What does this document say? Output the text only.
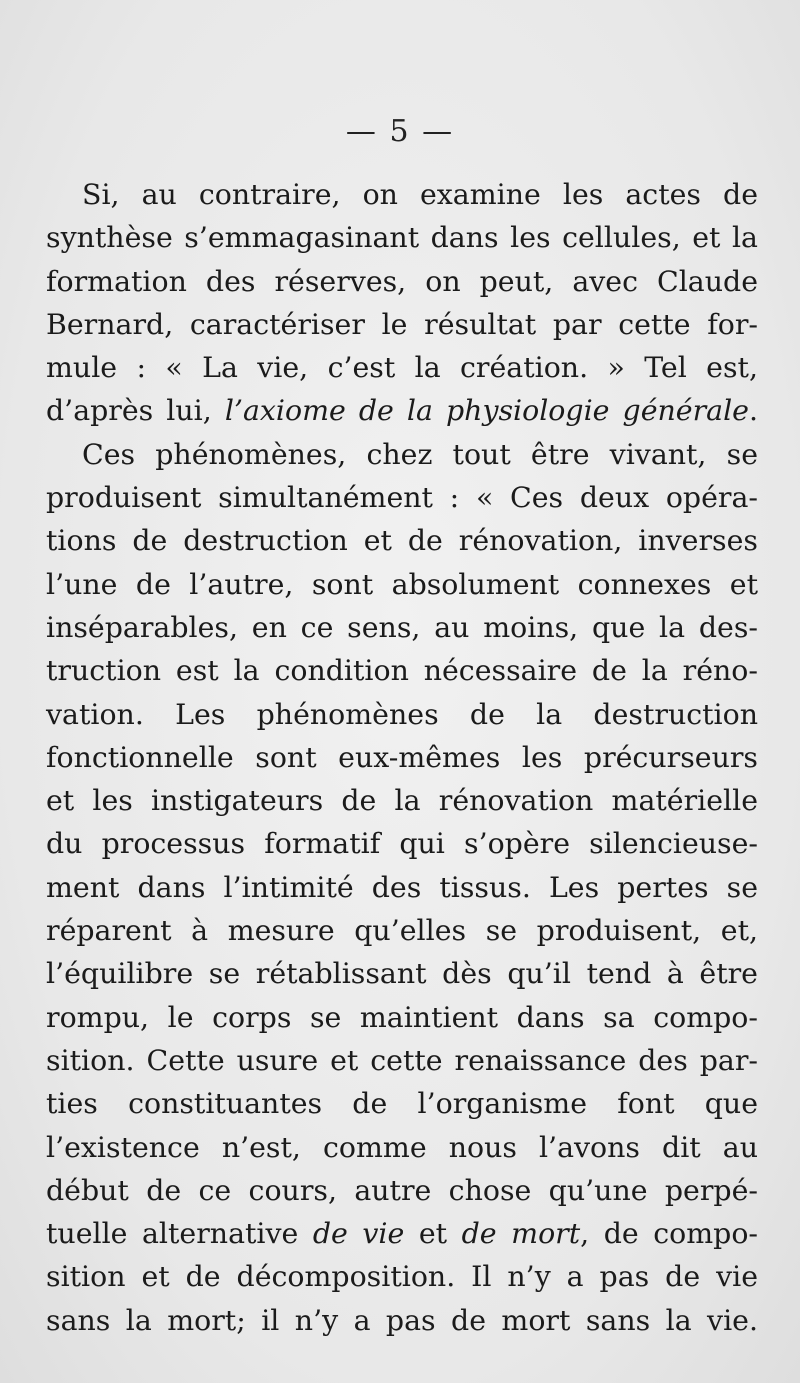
— 5 —
Si, au contraire, on examine les actes de
synthèse s’emmagasinant dans les cellules, et la
formation des réserves, on peut, avec Claude
Bernard, caractériser le résultat par cette for-
mule : « La vie, c’est la création. » Tel est,
d’après lui, l’axiome de la physiologie générale.
Ces phénomènes, chez tout être vivant, se
produisent simultanément : « Ces deux opéra-
tions de destruction et de rénovation, inverses
l’une de l’autre, sont absolument connexes et
inséparables, en ce sens, au moins, que la des-
truction est la condition nécessaire de la réno-
vation. Les phénomènes de la destruction
fonctionnelle sont eux-mêmes les précurseurs
et les instigateurs de la rénovation matérielle
du processus formatif qui s’opère silencieuse-
ment dans l’intimité des tissus. Les pertes se
réparent à mesure qu’elles se produisent, et,
l’équilibre se rétablissant dès qu’il tend à être
rompu, le corps se maintient dans sa compo-
sition. Cette usure et cette renaissance des par-
ties constituantes de l’organisme font que
l’existence n’est, comme nous l’avons dit au
début de ce cours, autre chose qu’une perpé-
tuelle alternative de vie et de mort, de compo-
sition et de décomposition. Il n’y a pas de vie
sans la mort; il n’y a pas de mort sans la vie.
